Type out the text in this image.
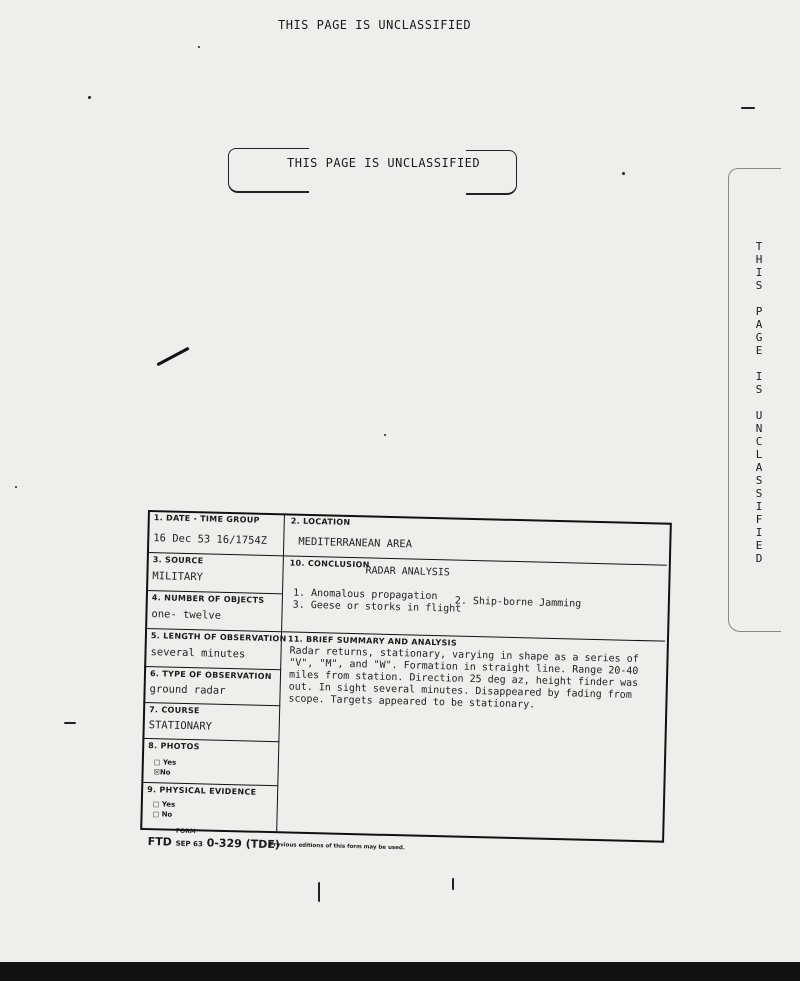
THIS PAGE IS UNCLASSIFIED
THIS PAGE IS UNCLASSIFIED
T
H
I
S

P
A
G
E

I
S

U
N
C
L
A
S
S
I
F
I
E
D
1. DATE - TIME GROUP
16 Dec 53 16/1754Z
3. SOURCE
MILITARY
4. NUMBER OF OBJECTS
one- twelve
5. LENGTH OF OBSERVATION
several minutes
6. TYPE OF OBSERVATION
ground radar
7. COURSE
STATIONARY
8. PHOTOS
□ Yes
☒No
9. PHYSICAL EVIDENCE
□ Yes
□ No
2. LOCATION
MEDITERRANEAN AREA
10. CONCLUSION
RADAR ANALYSIS
1. Anomalous propagation
2. Ship-borne Jamming
3. Geese or storks in flight
11. BRIEF SUMMARY AND ANALYSIS
Radar returns, stationary, varying in shape as a series of "V", "M", and "W". Formation in straight line. Range 20-40 miles from station. Direction 25 deg az, height finder was out. In sight several minutes. Disappeared by fading from scope. Targets appeared to be stationary.
FORM
FTD SEP 63 0-329 (TDE)
Previous editions of this form may be used.
